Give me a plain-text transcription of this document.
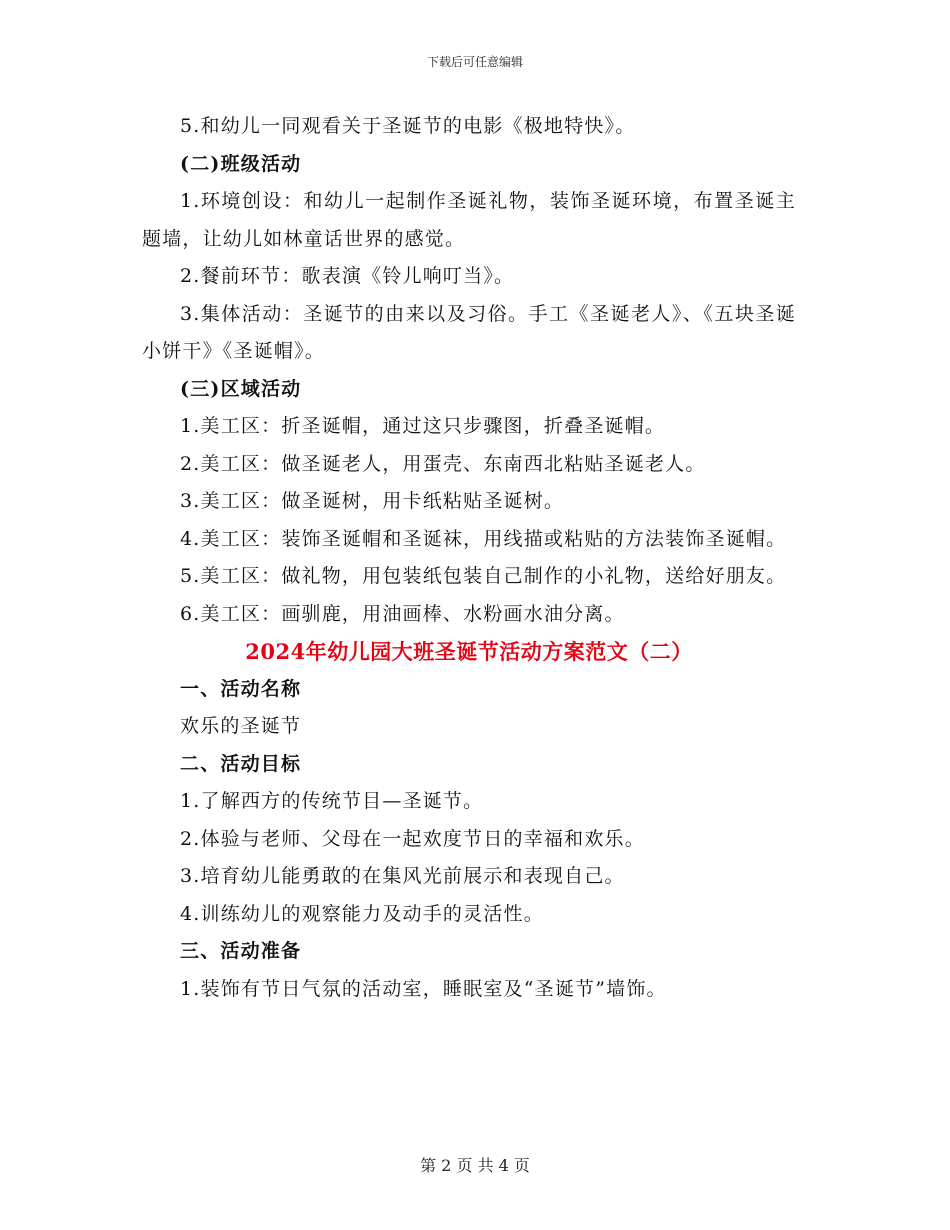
下载后可任意编辑

5.和幼儿一同观看关于圣诞节的电影《极地特快》。

(二)班级活动

1.环境创设：和幼儿一起制作圣诞礼物，装饰圣诞环境，布置圣诞主题墙，让幼儿如林童话世界的感觉。

2.餐前环节：歌表演《铃儿响叮当》。

3.集体活动：圣诞节的由来以及习俗。手工《圣诞老人》、《五块圣诞小饼干》《圣诞帽》。

(三)区域活动

1.美工区：折圣诞帽，通过这只步骤图，折叠圣诞帽。

2.美工区：做圣诞老人，用蛋壳、东南西北粘贴圣诞老人。

3.美工区：做圣诞树，用卡纸粘贴圣诞树。

4.美工区：装饰圣诞帽和圣诞袜，用线描或粘贴的方法装饰圣诞帽。

5.美工区：做礼物，用包装纸包装自己制作的小礼物，送给好朋友。

6.美工区：画驯鹿，用油画棒、水粉画水油分离。

2024年幼儿园大班圣诞节活动方案范文（二）

一、活动名称

欢乐的圣诞节

二、活动目标

1.了解西方的传统节目—圣诞节。

2.体验与老师、父母在一起欢度节日的幸福和欢乐。

3.培育幼儿能勇敢的在集风光前展示和表现自己。

4.训练幼儿的观察能力及动手的灵活性。

三、活动准备

1.装饰有节日气氛的活动室，睡眠室及“圣诞节”墙饰。

第 2 页 共 4 页
